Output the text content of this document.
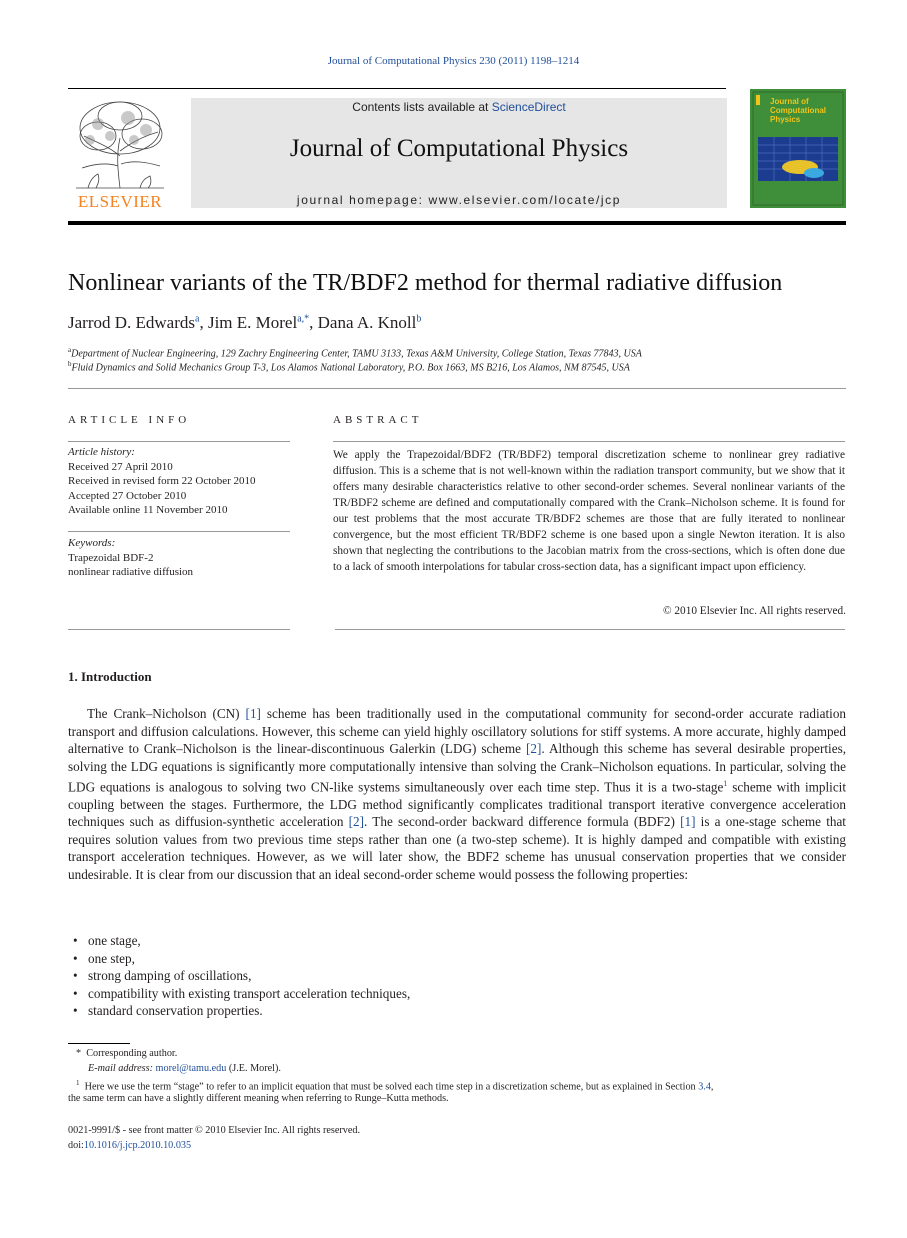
Journal of Computational Physics 230 (2011) 1198–1214
ELSEVIER
Contents lists available at ScienceDirect
Journal of Computational Physics
journal homepage: www.elsevier.com/locate/jcp
Journal of Computational Physics
Nonlinear variants of the TR/BDF2 method for thermal radiative diffusion
Jarrod D. Edwards$^a$, Jim E. Morel$^{a,*}$, Dana A. Knoll$^b$
$^a$Department of Nuclear Engineering, 129 Zachry Engineering Center, TAMU 3133, Texas A&M University, College Station, Texas 77843, USA
$^b$Fluid Dynamics and Solid Mechanics Group T-3, Los Alamos National Laboratory, P.O. Box 1663, MS B216, Los Alamos, NM 87545, USA
ARTICLE INFO
Article history:
Received 27 April 2010
Received in revised form 22 October 2010
Accepted 27 October 2010
Available online 11 November 2010
Keywords:
Trapezoidal BDF-2
nonlinear radiative diffusion
ABSTRACT
We apply the Trapezoidal/BDF2 (TR/BDF2) temporal discretization scheme to nonlinear grey radiative diffusion. This is a scheme that is not well-known within the radiation transport community, but we show that it offers many desirable characteristics relative to other second-order schemes. Several nonlinear variants of the TR/BDF2 scheme are defined and computationally compared with the Crank–Nicholson scheme. It is found for our test problems that the most accurate TR/BDF2 schemes are those that are fully iterated to nonlinear convergence, but the most efficient TR/BDF2 scheme is one based upon a single Newton iteration. It is also shown that neglecting the contributions to the Jacobian matrix from the cross-sections, which is often done due to a lack of smooth interpolations for tabular cross-section data, has a significant impact upon efficiency.
© 2010 Elsevier Inc. All rights reserved.
1. Introduction

The Crank–Nicholson (CN) [1] scheme has been traditionally used in the computational community for second-order accurate radiation transport and diffusion calculations. However, this scheme can yield highly oscillatory solutions for stiff systems. A more accurate, highly damped alternative to Crank–Nicholson is the linear-discontinuous Galerkin (LDG) scheme [2]. Although this scheme has several desirable properties, solving the LDG equations is significantly more computationally intensive than solving the Crank–Nicholson equations. In particular, solving the LDG equations is analogous to solving two CN-like systems simultaneously over each time step. Thus it is a two-stage$^1$ scheme with implicit coupling between the stages. Furthermore, the LDG method significantly complicates traditional transport iterative convergence acceleration techniques such as diffusion-synthetic acceleration [2]. The second-order backward difference formula (BDF2) [1] is a one-stage scheme that requires solution values from two previous time steps rather than one (a two-step scheme). It is highly damped and compatible with existing transport acceleration techniques. However, as we will later show, the BDF2 scheme has unusual conservation properties that we consider undesirable. It is clear from our discussion that an ideal second-order scheme would possess the following properties:

• one stage,
• one step,
• strong damping of oscillations,
• compatibility with existing transport acceleration techniques,
• standard conservation properties.
* Corresponding author.
E-mail address: morel@tamu.edu (J.E. Morel).
$^1$ Here we use the term “stage” to refer to an implicit equation that must be solved each time step in a discretization scheme, but as explained in Section 3.4,
the same term can have a slightly different meaning when referring to Runge–Kutta methods.
0021-9991/$ - see front matter © 2010 Elsevier Inc. All rights reserved.
doi:10.1016/j.jcp.2010.10.035
